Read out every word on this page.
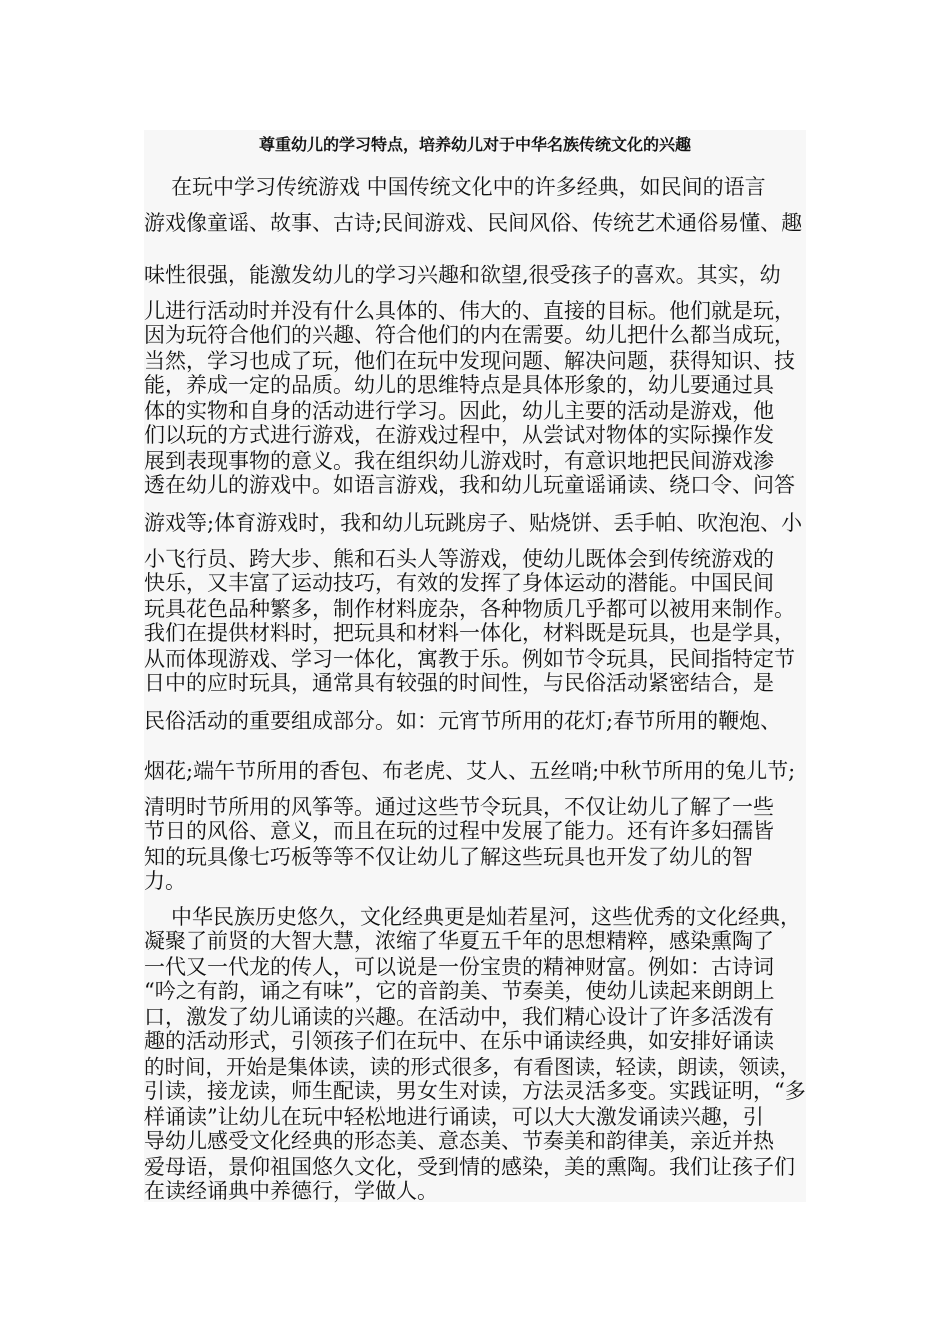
尊重幼儿的学习特点，培养幼儿对于中华名族传统文化的兴趣
在玩中学习传统游戏 中国传统文化中的许多经典，如民间的语言
游戏像童谣、故事、古诗;民间游戏、民间风俗、传统艺术通俗易懂、趣
味性很强，能激发幼儿的学习兴趣和欲望,很受孩子的喜欢。其实，幼
儿进行活动时并没有什么具体的、伟大的、直接的目标。他们就是玩，
因为玩符合他们的兴趣、符合他们的内在需要。幼儿把什么都当成玩，
当然，学习也成了玩，他们在玩中发现问题、解决问题，获得知识、技
能，养成一定的品质。幼儿的思维特点是具体形象的，幼儿要通过具
体的实物和自身的活动进行学习。因此，幼儿主要的活动是游戏，他
们以玩的方式进行游戏，在游戏过程中，从尝试对物体的实际操作发
展到表现事物的意义。我在组织幼儿游戏时，有意识地把民间游戏渗
透在幼儿的游戏中。如语言游戏，我和幼儿玩童谣诵读、绕口令、问答
游戏等;体育游戏时，我和幼儿玩跳房子、贴烧饼、丢手帕、吹泡泡、小
小飞行员、跨大步、熊和石头人等游戏，使幼儿既体会到传统游戏的
快乐，又丰富了运动技巧，有效的发挥了身体运动的潜能。中国民间
玩具花色品种繁多，制作材料庞杂，各种物质几乎都可以被用来制作。
我们在提供材料时，把玩具和材料一体化，材料既是玩具，也是学具，
从而体现游戏、学习一体化，寓教于乐。例如节令玩具，民间指特定节
日中的应时玩具，通常具有较强的时间性，与民俗活动紧密结合，是
民俗活动的重要组成部分。如：元宵节所用的花灯;春节所用的鞭炮、
烟花;端午节所用的香包、布老虎、艾人、五丝哨;中秋节所用的兔儿节;
清明时节所用的风筝等。通过这些节令玩具，不仅让幼儿了解了一些
节日的风俗、意义，而且在玩的过程中发展了能力。还有许多妇孺皆
知的玩具像七巧板等等不仅让幼儿了解这些玩具也开发了幼儿的智
力。
中华民族历史悠久，文化经典更是灿若星河，这些优秀的文化经典，
凝聚了前贤的大智大慧，浓缩了华夏五千年的思想精粹，感染熏陶了
一代又一代龙的传人，可以说是一份宝贵的精神财富。例如：古诗词
“吟之有韵，诵之有味”，它的音韵美、节奏美，使幼儿读起来朗朗上
口，激发了幼儿诵读的兴趣。在活动中，我们精心设计了许多活泼有
趣的活动形式，引领孩子们在玩中、在乐中诵读经典，如安排好诵读
的时间，开始是集体读，读的形式很多，有看图读，轻读，朗读，领读，
引读，接龙读，师生配读，男女生对读，方法灵活多变。实践证明，“多
样诵读”让幼儿在玩中轻松地进行诵读，可以大大激发诵读兴趣，引
导幼儿感受文化经典的形态美、意态美、节奏美和韵律美，亲近并热
爱母语，景仰祖国悠久文化，受到情的感染，美的熏陶。我们让孩子们
在读经诵典中养德行，学做人。
